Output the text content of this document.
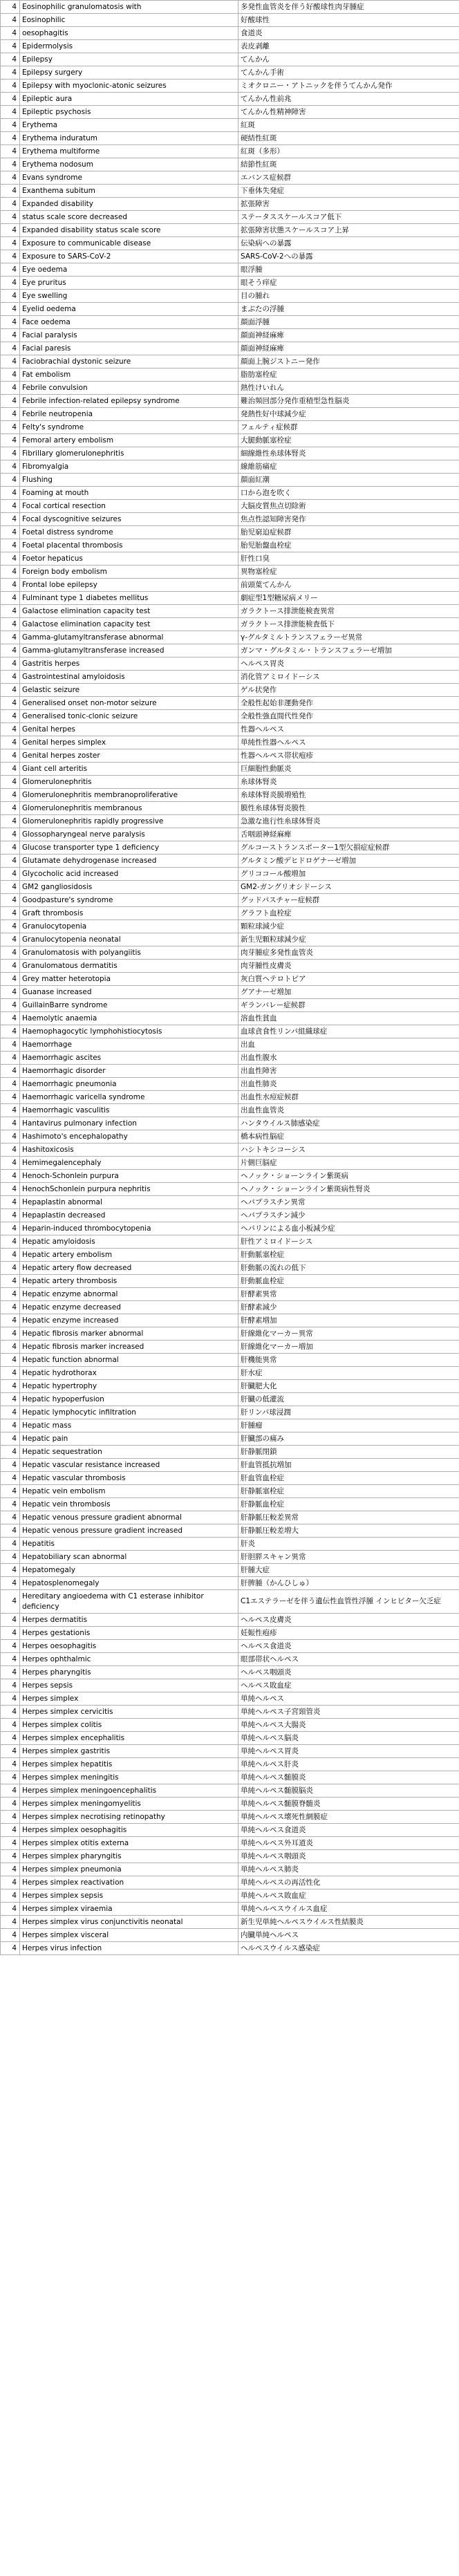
4	Eosinophilic granulomatosis with	多発性血管炎を伴う好酸球性肉芽腫症
4	Eosinophilic	好酸球性
4	oesophagitis	食道炎
4	Epidermolysis	表皮剥離
4	Epilepsy	てんかん
4	Epilepsy surgery	てんかん手術
4	Epilepsy with myoclonic-atonic seizures	ミオクロニー・アトニックを伴うてんかん発作
4	Epileptic aura	てんかん性前兆
4	Epileptic psychosis	てんかん性精神障害
4	Erythema	紅斑
4	Erythema induratum	硬結性紅斑
4	Erythema multiforme	紅斑（多形）
4	Erythema nodosum	結節性紅斑
4	Evans syndrome	エバンス症候群
4	Exanthema subitum	下垂体失発症
4	Expanded disability	拡張障害
4	status scale score decreased	ステータススケールスコア低下
4	Expanded disability status scale score	拡張障害状態スケールスコア上昇
4	Exposure to communicable disease	伝染病への暴露
4	Exposure to SARS-CoV-2	SARS-CoV-2への暴露
4	Eye oedema	眼浮腫
4	Eye pruritus	眼そう痒症
4	Eye swelling	目の腫れ
4	Eyelid oedema	まぶたの浮腫
4	Face oedema	顔面浮腫
4	Facial paralysis	顔面神経麻痺
4	Facial paresis	顔面神経麻痺
4	Faciobrachial dystonic seizure	顔面上腕ジストニー発作
4	Fat embolism	脂肪塞栓症
4	Febrile convulsion	熱性けいれん
4	Febrile infection-related epilepsy syndrome	難治頻回部分発作重積型急性脳炎
4	Febrile neutropenia	発熱性好中球減少症
4	Felty's syndrome	フェルティ症候群
4	Femoral artery embolism	大腿動脈塞栓症
4	Fibrillary glomerulonephritis	細線維性糸球体腎炎
4	Fibromyalgia	線維筋痛症
4	Flushing	顔面紅潮
4	Foaming at mouth	口から泡を吹く
4	Focal cortical resection	大脳皮質焦点切除術
4	Focal dyscognitive seizures	焦点性認知障害発作
4	Foetal distress syndrome	胎児窮迫症候群
4	Foetal placental thrombosis	胎児胎盤血栓症
4	Foetor hepaticus	肝性口臭
4	Foreign body embolism	異物塞栓症
4	Frontal lobe epilepsy	前頭葉てんかん
4	Fulminant type 1 diabetes mellitus	劇症型1型糖尿病メリー
4	Galactose elimination capacity test	ガラクトース排泄能検査異常
4	Galactose elimination capacity test	ガラクトース排泄能検査低下
4	Gamma-glutamyltransferase abnormal	γ-グルタミルトランスフェラーゼ異常
4	Gamma-glutamyltransferase increased	ガンマ・グルタミル・トランスフェラーゼ増加
4	Gastritis herpes	ヘルペス胃炎
4	Gastrointestinal amyloidosis	消化管アミロイドーシス
4	Gelastic seizure	ゲル状発作
4	Generalised onset non-motor seizure	全般性起始非運動発作
4	Generalised tonic-clonic seizure	全般性強直間代性発作
4	Genital herpes	性器ヘルペス
4	Genital herpes simplex	単純性性器ヘルペス
4	Genital herpes zoster	性器ヘルペス帯状疱疹
4	Giant cell arteritis	巨細胞性動脈炎
4	Glomerulonephritis	糸球体腎炎
4	Glomerulonephritis membranoproliferative	糸球体腎炎膜増殖性
4	Glomerulonephritis membranous	膜性糸球体腎炎膜性
4	Glomerulonephritis rapidly progressive	急激な進行性糸球体腎炎
4	Glossopharyngeal nerve paralysis	舌咽頭神経麻痺
4	Glucose transporter type 1 deficiency	グルコーストランスポーター1型欠損症症候群
4	Glutamate dehydrogenase increased	グルタミン酸デヒドロゲナーゼ増加
4	Glycocholic acid increased	グリココール酸増加
4	GM2 gangliosidosis	GM2-ガングリオシドーシス
4	Goodpasture's syndrome	グッドパスチャー症候群
4	Graft thrombosis	グラフト血栓症
4	Granulocytopenia	顆粒球減少症
4	Granulocytopenia neonatal	新生児顆粒球減少症
4	Granulomatosis with polyangiitis	肉芽腫症多発性血管炎
4	Granulomatous dermatitis	肉芽腫性皮膚炎
4	Grey matter heterotopia	灰白質ヘテロトピア
4	Guanase increased	グアナーゼ増加
4	GuillainBarre syndrome	ギランバレー症候群
4	Haemolytic anaemia	溶血性貧血
4	Haemophagocytic lymphohistiocytosis	血球貪食性リンパ組織球症
4	Haemorrhage	出血
4	Haemorrhagic ascites	出血性腹水
4	Haemorrhagic disorder	出血性障害
4	Haemorrhagic pneumonia	出血性肺炎
4	Haemorrhagic varicella syndrome	出血性水痘症候群
4	Haemorrhagic vasculitis	出血性血管炎
4	Hantavirus pulmonary infection	ハンタウイルス肺感染症
4	Hashimoto's encephalopathy	橋本病性脳症
4	Hashitoxicosis	ハシトキシコーシス
4	Hemimegalencephaly	片側巨脳症
4	Henoch-Schonlein purpura	ヘノック・ショーンライン紫斑病
4	HenochSchonlein purpura nephritis	ヘノック・ショーンライン紫斑病性腎炎
4	Hepaplastin abnormal	ヘパプラスチン異常
4	Hepaplastin decreased	ヘパプラスチン減少
4	Heparin-induced thrombocytopenia	ヘパリンによる血小板減少症
4	Hepatic amyloidosis	肝性アミロイドーシス
4	Hepatic artery embolism	肝動脈塞栓症
4	Hepatic artery flow decreased	肝動脈の流れの低下
4	Hepatic artery thrombosis	肝動脈血栓症
4	Hepatic enzyme abnormal	肝酵素異常
4	Hepatic enzyme decreased	肝酵素減少
4	Hepatic enzyme increased	肝酵素増加
4	Hepatic fibrosis marker abnormal	肝線維化マーカー異常
4	Hepatic fibrosis marker increased	肝線維化マーカー増加
4	Hepatic function abnormal	肝機能異常
4	Hepatic hydrothorax	肝水症
4	Hepatic hypertrophy	肝臓肥大化
4	Hepatic hypoperfusion	肝臓の低灌流
4	Hepatic lymphocytic infiltration	肝リンパ球浸潤
4	Hepatic mass	肝腫瘤
4	Hepatic pain	肝臓部の痛み
4	Hepatic sequestration	肝静脈閉鎖
4	Hepatic vascular resistance increased	肝血管抵抗増加
4	Hepatic vascular thrombosis	肝血管血栓症
4	Hepatic vein embolism	肝静脈塞栓症
4	Hepatic vein thrombosis	肝静脈血栓症
4	Hepatic venous pressure gradient abnormal	肝静脈圧較差異常
4	Hepatic venous pressure gradient increased	肝静脈圧較差増大
4	Hepatitis	肝炎
4	Hepatobiliary scan abnormal	肝胆膵スキャン異常
4	Hepatomegaly	肝腫大症
4	Hepatosplenomegaly	肝脾腫（かんひしゅ）
4	Hereditary angioedema with C1 esterase inhibitor deficiency	C1エステラーゼを伴う遺伝性血管性浮腫 インヒビター欠乏症
4	Herpes dermatitis	ヘルペス皮膚炎
4	Herpes gestationis	妊娠性疱疹
4	Herpes oesophagitis	ヘルペス食道炎
4	Herpes ophthalmic	眼部帯状ヘルペス
4	Herpes pharyngitis	ヘルペス咽頭炎
4	Herpes sepsis	ヘルペス敗血症
4	Herpes simplex	単純ヘルペス
4	Herpes simplex cervicitis	単純ヘルペス子宮頸管炎
4	Herpes simplex colitis	単純ヘルペス大腸炎
4	Herpes simplex encephalitis	単純ヘルペス脳炎
4	Herpes simplex gastritis	単純ヘルペス胃炎
4	Herpes simplex hepatitis	単純ヘルペス肝炎
4	Herpes simplex meningitis	単純ヘルペス髄膜炎
4	Herpes simplex meningoencephalitis	単純ヘルペス髄膜脳炎
4	Herpes simplex meningomyelitis	単純ヘルペス髄膜脊髄炎
4	Herpes simplex necrotising retinopathy	単純ヘルペス壊死性網膜症
4	Herpes simplex oesophagitis	単純ヘルペス食道炎
4	Herpes simplex otitis externa	単純ヘルペス外耳道炎
4	Herpes simplex pharyngitis	単純ヘルペス咽頭炎
4	Herpes simplex pneumonia	単純ヘルペス肺炎
4	Herpes simplex reactivation	単純ヘルペスの再活性化
4	Herpes simplex sepsis	単純ヘルペス敗血症
4	Herpes simplex viraemia	単純ヘルペスウイルス血症
4	Herpes simplex virus conjunctivitis neonatal	新生児単純ヘルペスウイルス性結膜炎
4	Herpes simplex visceral	内臓単純ヘルペス
4	Herpes virus infection	ヘルペスウイルス感染症
